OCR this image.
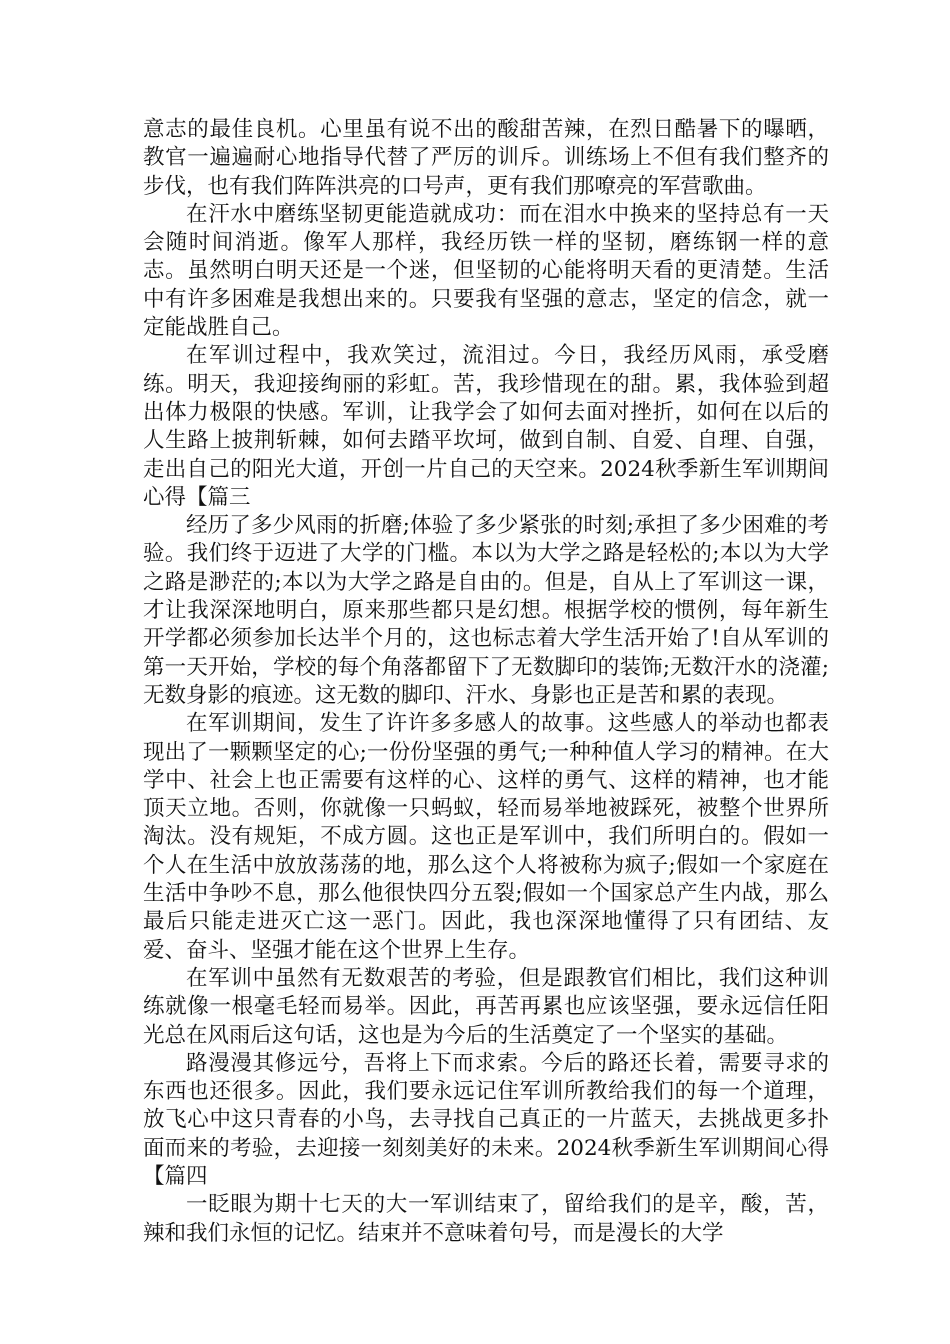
意志的最佳良机。心里虽有说不出的酸甜苦辣，在烈日酷暑下的曝晒，教官一遍遍耐心地指导代替了严厉的训斥。训练场上不但有我们整齐的步伐，也有我们阵阵洪亮的口号声，更有我们那嘹亮的军营歌曲。

在汗水中磨练坚韧更能造就成功：而在泪水中换来的坚持总有一天会随时间消逝。像军人那样，我经历铁一样的坚韧，磨练钢一样的意志。虽然明白明天还是一个迷，但坚韧的心能将明天看的更清楚。生活中有许多困难是我想出来的。只要我有坚强的意志，坚定的信念，就一定能战胜自己。

在军训过程中，我欢笑过，流泪过。今日，我经历风雨，承受磨练。明天，我迎接绚丽的彩虹。苦，我珍惜现在的甜。累，我体验到超出体力极限的快感。军训，让我学会了如何去面对挫折，如何在以后的人生路上披荆斩棘，如何去踏平坎坷，做到自制、自爱、自理、自强，走出自己的阳光大道，开创一片自己的天空来。2024秋季新生军训期间心得【篇三

经历了多少风雨的折磨;体验了多少紧张的时刻;承担了多少困难的考验。我们终于迈进了大学的门槛。本以为大学之路是轻松的;本以为大学之路是渺茫的;本以为大学之路是自由的。但是，自从上了军训这一课，才让我深深地明白，原来那些都只是幻想。根据学校的惯例，每年新生开学都必须参加长达半个月的，这也标志着大学生活开始了!自从军训的第一天开始，学校的每个角落都留下了无数脚印的装饰;无数汗水的浇灌;无数身影的痕迹。这无数的脚印、汗水、身影也正是苦和累的表现。

在军训期间，发生了许许多多感人的故事。这些感人的举动也都表现出了一颗颗坚定的心;一份份坚强的勇气;一种种值人学习的精神。在大学中、社会上也正需要有这样的心、这样的勇气、这样的精神，也才能顶天立地。否则，你就像一只蚂蚁，轻而易举地被踩死，被整个世界所淘汰。没有规矩，不成方圆。这也正是军训中，我们所明白的。假如一个人在生活中放放荡荡的地，那么这个人将被称为疯子;假如一个家庭在生活中争吵不息，那么他很快四分五裂;假如一个国家总产生内战，那么最后只能走进灭亡这一恶门。因此，我也深深地懂得了只有团结、友爱、奋斗、坚强才能在这个世界上生存。

在军训中虽然有无数艰苦的考验，但是跟教官们相比，我们这种训练就像一根毫毛轻而易举。因此，再苦再累也应该坚强，要永远信任阳光总在风雨后这句话，这也是为今后的生活奠定了一个坚实的基础。

路漫漫其修远兮，吾将上下而求索。今后的路还长着，需要寻求的东西也还很多。因此，我们要永远记住军训所教给我们的每一个道理，放飞心中这只青春的小鸟，去寻找自己真正的一片蓝天，去挑战更多扑面而来的考验，去迎接一刻刻美好的未来。2024秋季新生军训期间心得【篇四

一眨眼为期十七天的大一军训结束了，留给我们的是辛，酸，苦，辣和我们永恒的记忆。结束并不意味着句号，而是漫长的大学
